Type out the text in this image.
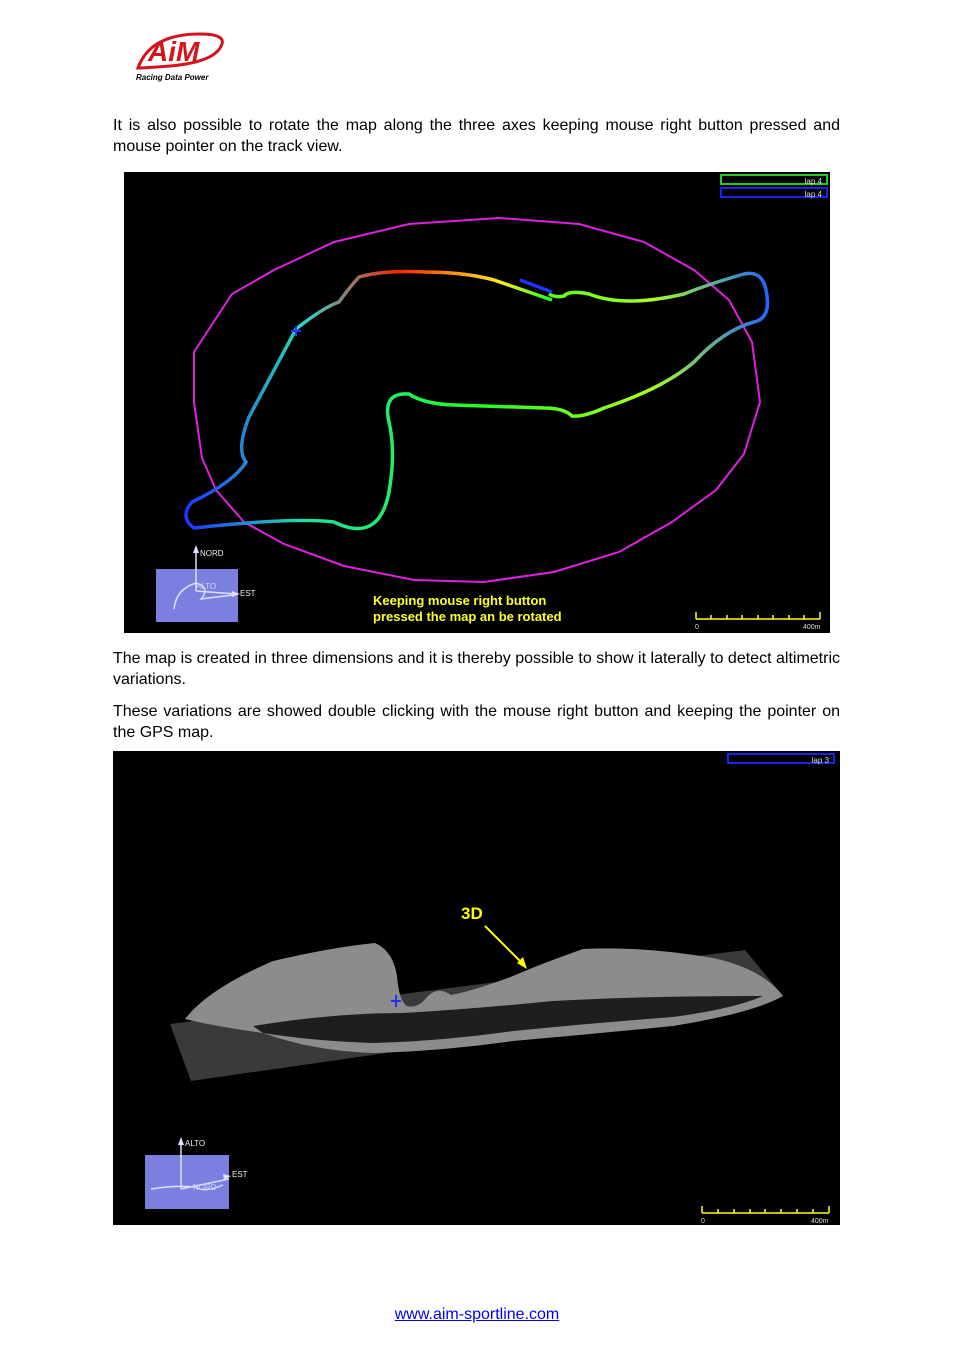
AiM
Racing Data Power
It is also possible to rotate the map along the three axes keeping mouse right button pressed and mouse pointer on the track view.
lap 4
lap 4
NORD
EST
ALTO
Keeping mouse right button
pressed the map an be rotated
0	400m
The map is created in three dimensions and it is thereby possible to show it laterally to detect altimetric variations.
These variations are showed double clicking with the mouse right button and keeping the pointer on the GPS map.
lap 3
3D
ALTO
EST
NORD
0	400m
www.aim-sportline.com
